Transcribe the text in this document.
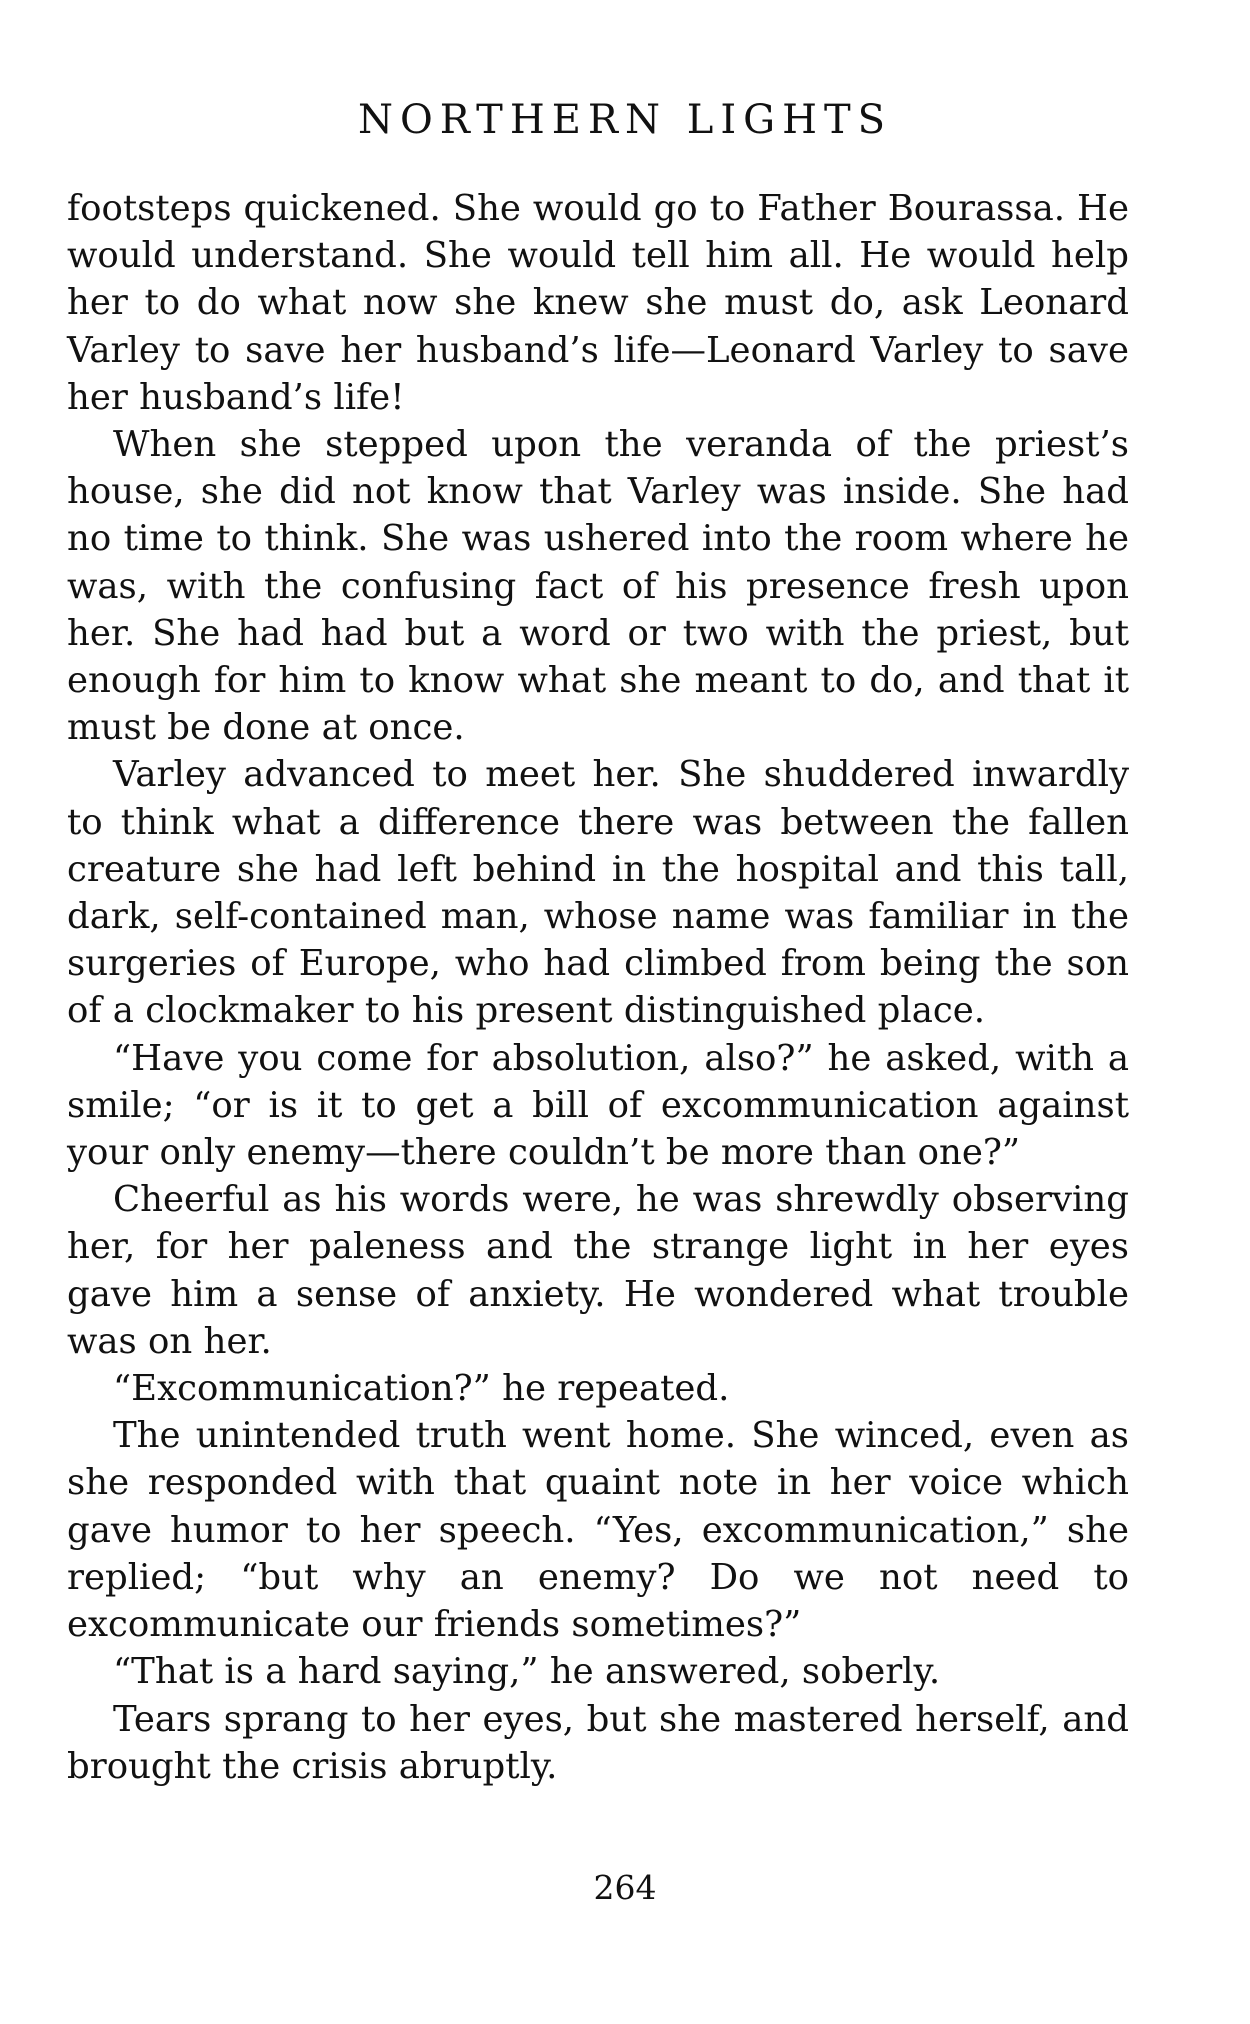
NORTHERN LIGHTS

footsteps quickened. She would go to Father Bourassa. He would understand. She would tell him all. He would help her to do what now she knew she must do, ask Leonard Varley to save her husband’s life—Leonard Varley to save her husband’s life!

When she stepped upon the veranda of the priest’s house, she did not know that Varley was inside. She had no time to think. She was ushered into the room where he was, with the confusing fact of his presence fresh upon her. She had had but a word or two with the priest, but enough for him to know what she meant to do, and that it must be done at once.

Varley advanced to meet her. She shuddered inwardly to think what a difference there was between the fallen creature she had left behind in the hospital and this tall, dark, self-contained man, whose name was familiar in the surgeries of Europe, who had climbed from being the son of a clockmaker to his present distinguished place.

“Have you come for absolution, also?” he asked, with a smile; “or is it to get a bill of excommunication against your only enemy—there couldn’t be more than one?”

Cheerful as his words were, he was shrewdly observing her, for her paleness and the strange light in her eyes gave him a sense of anxiety. He wondered what trouble was on her.

“Excommunication?” he repeated.

The unintended truth went home. She winced, even as she responded with that quaint note in her voice which gave humor to her speech. “Yes, excommunication,” she replied; “but why an enemy? Do we not need to excommunicate our friends sometimes?”

“That is a hard saying,” he answered, soberly.

Tears sprang to her eyes, but she mastered herself, and brought the crisis abruptly.

264
